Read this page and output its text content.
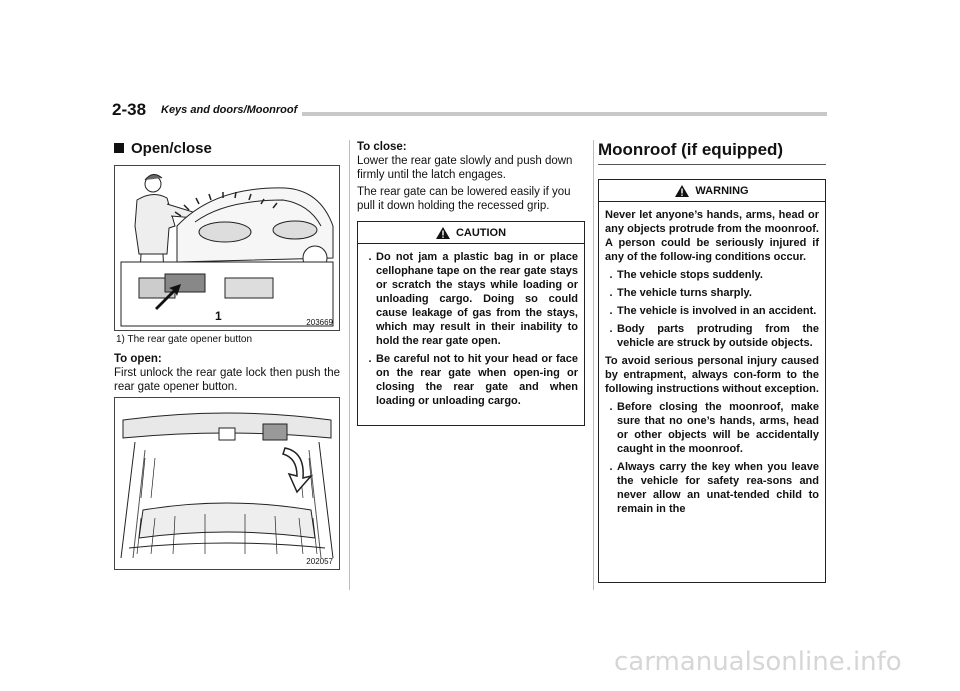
2-38 Keys and doors/Moonroof
Open/close
1	203669
1) The rear gate opener button
To open:
First unlock the rear gate lock then push the rear gate opener button.
202057
To close:
Lower the rear gate slowly and push down firmly until the latch engages.
The rear gate can be lowered easily if you pull it down holding the recessed grip.
CAUTION
. Do not jam a plastic bag in or place cellophane tape on the rear gate stays or scratch the stays while loading or unloading cargo. Doing so could cause leakage of gas from the stays, which may result in their inability to hold the rear gate open.
. Be careful not to hit your head or face on the rear gate when open-ing or closing the rear gate and when loading or unloading cargo.
Moonroof (if equipped)
WARNING
Never let anyone’s hands, arms, head or any objects protrude from the moonroof. A person could be seriously injured if any of the follow-ing conditions occur.
. The vehicle stops suddenly.
. The vehicle turns sharply.
. The vehicle is involved in an accident.
. Body parts protruding from the vehicle are struck by outside objects.
To avoid serious personal injury caused by entrapment, always con-form to the following instructions without exception.
. Before closing the moonroof, make sure that no one’s hands, arms, head or other objects will be accidentally caught in the moonroof.
. Always carry the key when you leave the vehicle for safety rea-sons and never allow an unat-tended child to remain in the
carmanualsonline.info
